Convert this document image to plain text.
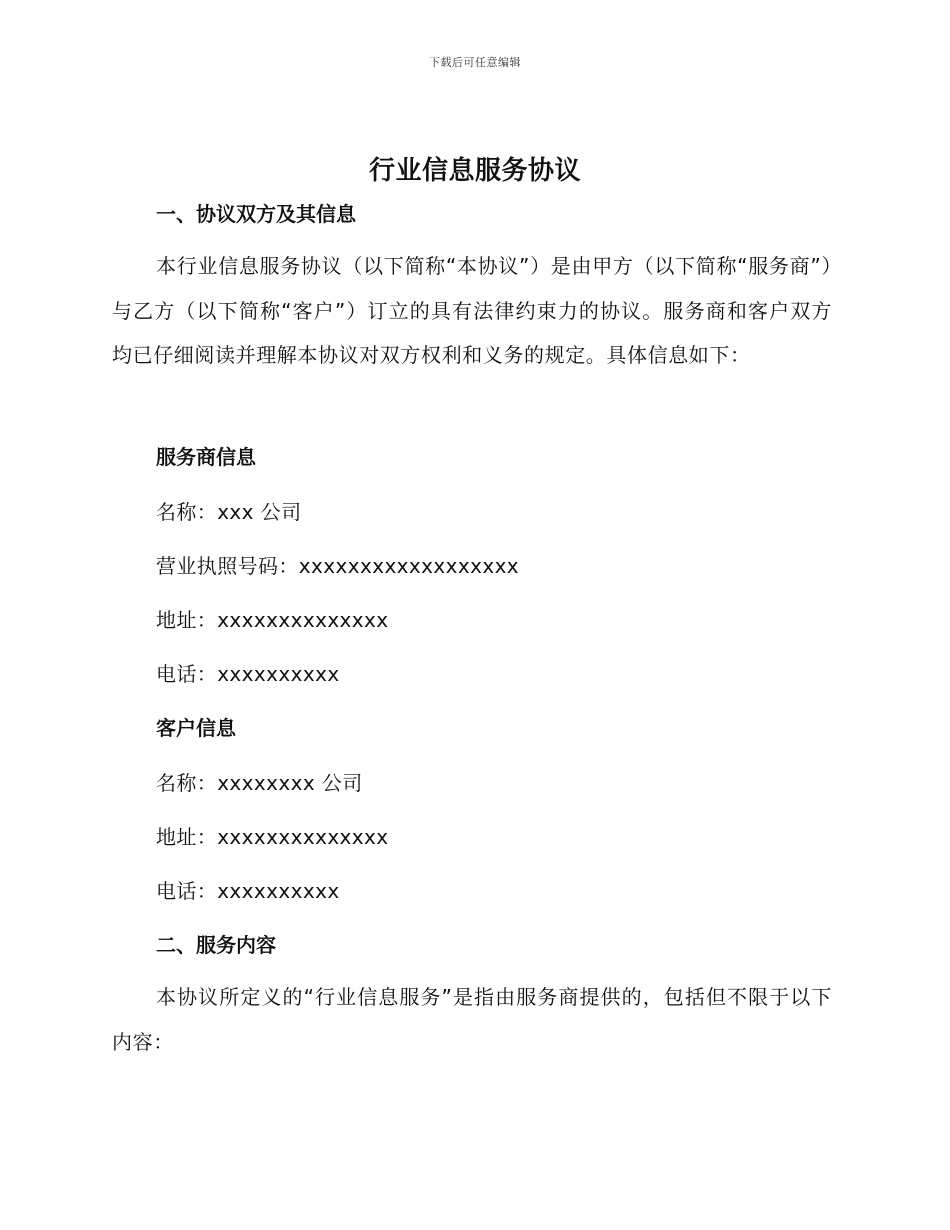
下载后可任意编辑
行业信息服务协议
一、协议双方及其信息
本行业信息服务协议（以下简称“本协议”）是由甲方（以下简称“服务商”）与乙方（以下简称“客户”）订立的具有法律约束力的协议。服务商和客户双方均已仔细阅读并理解本协议对双方权利和义务的规定。具体信息如下：
服务商信息
名称：xxx 公司
营业执照号码：xxxxxxxxxxxxxxxxxx
地址：xxxxxxxxxxxxxx
电话：xxxxxxxxxx
客户信息
名称：xxxxxxxx 公司
地址：xxxxxxxxxxxxxx
电话：xxxxxxxxxx
二、服务内容
本协议所定义的“行业信息服务”是指由服务商提供的，包括但不限于以下内容：
